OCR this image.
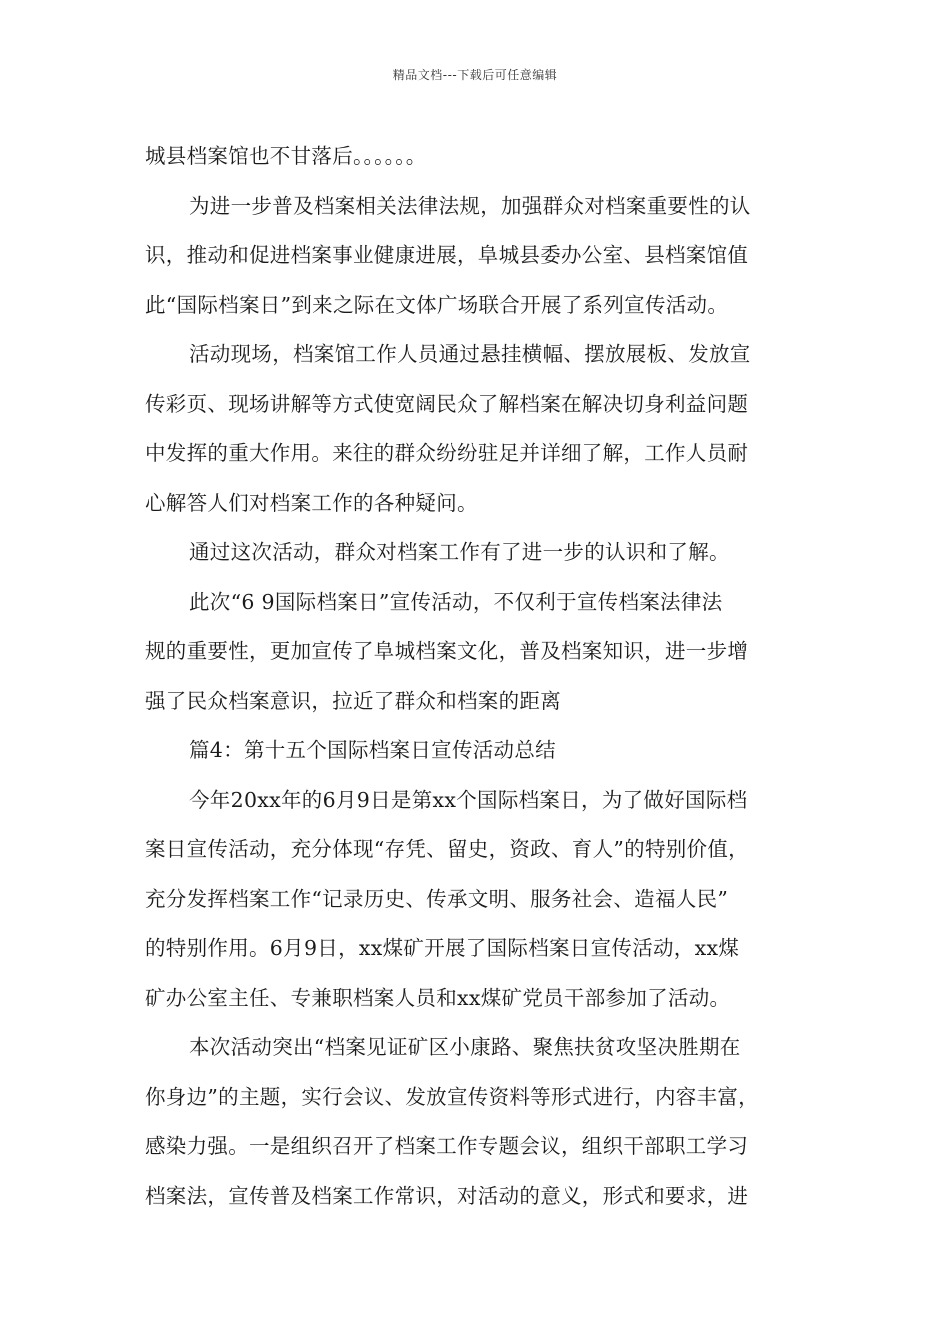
精品文档---下载后可任意编辑
城县档案馆也不甘落后。。。。。。
为进一步普及档案相关法律法规，加强群众对档案重要性的认
识，推动和促进档案事业健康进展，阜城县委办公室、县档案馆值
此“国际档案日”到来之际在文体广场联合开展了系列宣传活动。
活动现场，档案馆工作人员通过悬挂横幅、摆放展板、发放宣
传彩页、现场讲解等方式使宽阔民众了解档案在解决切身利益问题
中发挥的重大作用。来往的群众纷纷驻足并详细了解，工作人员耐
心解答人们对档案工作的各种疑问。
通过这次活动，群众对档案工作有了进一步的认识和了解。
此次“6 9国际档案日”宣传活动，不仅利于宣传档案法律法
规的重要性，更加宣传了阜城档案文化，普及档案知识，进一步增
强了民众档案意识，拉近了群众和档案的距离
篇4：第十五个国际档案日宣传活动总结
今年20xx年的6月9日是第xx个国际档案日，为了做好国际档
案日宣传活动，充分体现“存凭、留史，资政、育人”的特别价值，
充分发挥档案工作“记录历史、传承文明、服务社会、造福人民”
的特别作用。6月9日，xx煤矿开展了国际档案日宣传活动，xx煤
矿办公室主任、专兼职档案人员和xx煤矿党员干部参加了活动。
本次活动突出“档案见证矿区小康路、聚焦扶贫攻坚决胜期在
你身边”的主题，实行会议、发放宣传资料等形式进行，内容丰富，
感染力强。一是组织召开了档案工作专题会议，组织干部职工学习
档案法，宣传普及档案工作常识，对活动的意义，形式和要求，进
